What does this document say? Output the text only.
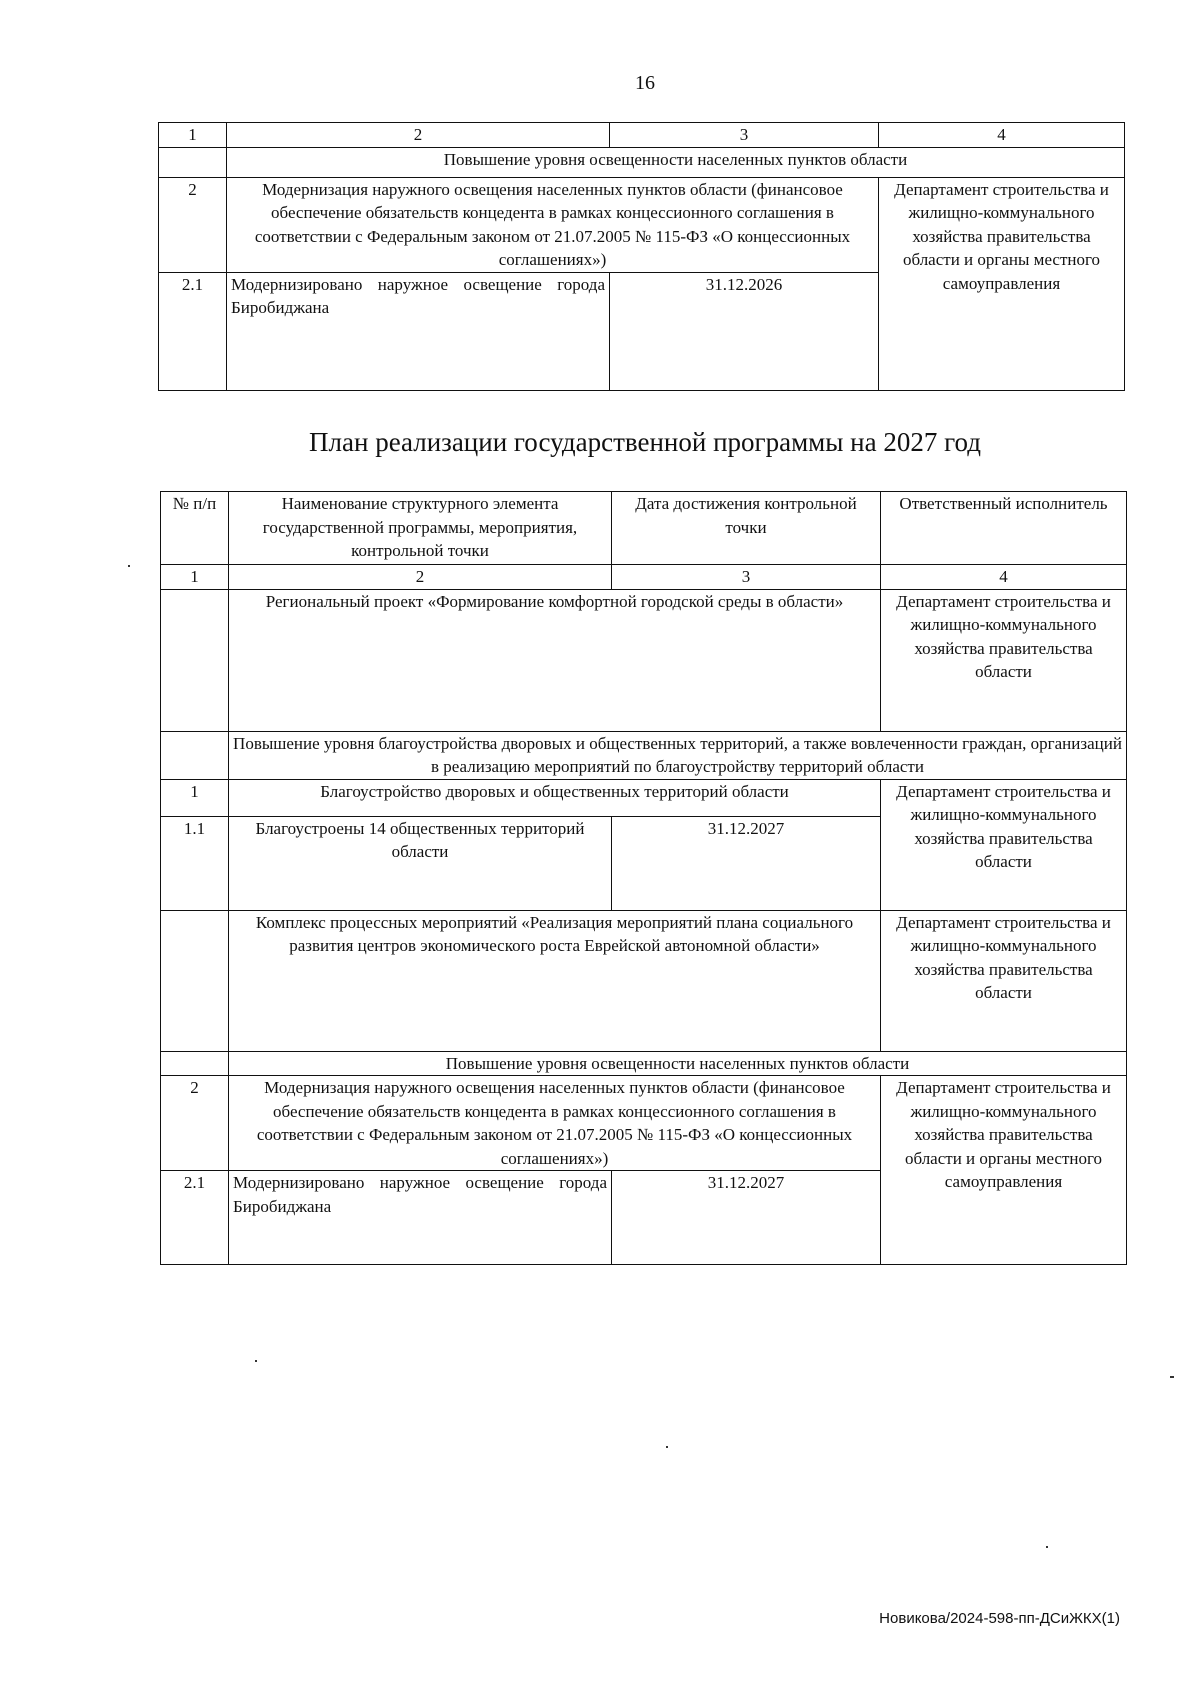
16
1	2	3	4
	Повышение уровня освещенности населенных пунктов области		
2	Модернизация наружного освещения населенных пунктов области (финансовое обеспечение обязательств концедента в рамках концессионного соглашения в соответствии с Федеральным законом от 21.07.2005 № 115-ФЗ «О концессионных соглашениях»)		Департамент строительства и жилищно-коммунального хозяйства правительства области и органы местного самоуправления
2.1	Модернизировано наружное освещение города Биробиджана	31.12.2026	
План реализации государственной программы на 2027 год
№ п/п	Наименование структурного элемента государственной программы, мероприятия, контрольной точки	Дата достижения контрольной точки	Ответственный исполнитель
1	2	3	4
	Региональный проект «Формирование комфортной городской среды в области»		Департамент строительства и жилищно-коммунального хозяйства правительства области
	Повышение уровня благоустройства дворовых и общественных территорий, а также вовлеченности граждан, организаций в реализацию мероприятий по благоустройству территорий области		
1	Благоустройство дворовых и общественных территорий области		Департамент строительства и жилищно-коммунального хозяйства правительства области
1.1	Благоустроены 14 общественных территорий области	31.12.2027	
	Комплекс процессных мероприятий «Реализация мероприятий плана социального развития центров экономического роста Еврейской автономной области»		Департамент строительства и жилищно-коммунального хозяйства правительства области
	Повышение уровня освещенности населенных пунктов области		
2	Модернизация наружного освещения населенных пунктов области (финансовое обеспечение обязательств концедента в рамках концессионного соглашения в соответствии с Федеральным законом от 21.07.2005 № 115-ФЗ «О концессионных соглашениях»)		Департамент строительства и жилищно-коммунального хозяйства правительства области и органы местного самоуправления
2.1	Модернизировано наружное освещение города Биробиджана	31.12.2027	
Новикова/2024-598-пп-ДСиЖКХ(1)
